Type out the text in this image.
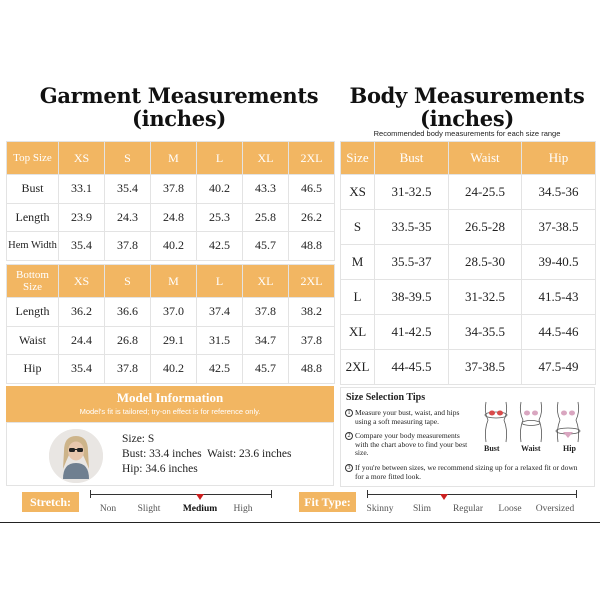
Garment Measurements
(inches)
Body Measurements
(inches)
Recommended body measurements for each size range
Top Size	XS	S	M	L	XL	2XL
Bust	33.1	35.4	37.8	40.2	43.3	46.5
Length	23.9	24.3	24.8	25.3	25.8	26.2
Hem Width	35.4	37.8	40.2	42.5	45.7	48.8
Bottom Size	XS	S	M	L	XL	2XL
Length	36.2	36.6	37.0	37.4	37.8	38.2
Waist	24.4	26.8	29.1	31.5	34.7	37.8
Hip	35.4	37.8	40.2	42.5	45.7	48.8
Size	Bust	Waist	Hip
XS	31-32.5	24-25.5	34.5-36
S	33.5-35	26.5-28	37-38.5
M	35.5-37	28.5-30	39-40.5
L	38-39.5	31-32.5	41.5-43
XL	41-42.5	34-35.5	44.5-46
2XL	44-45.5	37-38.5	47.5-49
Model Information
Model's fit is tailored; try-on effect is for reference only.
Size: S
Bust: 33.4 inches  Waist: 23.6 inches
Hip: 34.6 inches
Size Selection Tips
1 Measure your bust, waist, and hips using a soft measuring tape.
2 Compare your body measurements with the chart above to find your best size.
3 If you're between sizes, we recommend sizing up for a relaxed fit or down for a more fitted look.
Bust	Waist	Hip
Stretch:	Non	Slight	Medium	High	Fit Type:	Skinny	Slim	Regular	Loose	Oversized
